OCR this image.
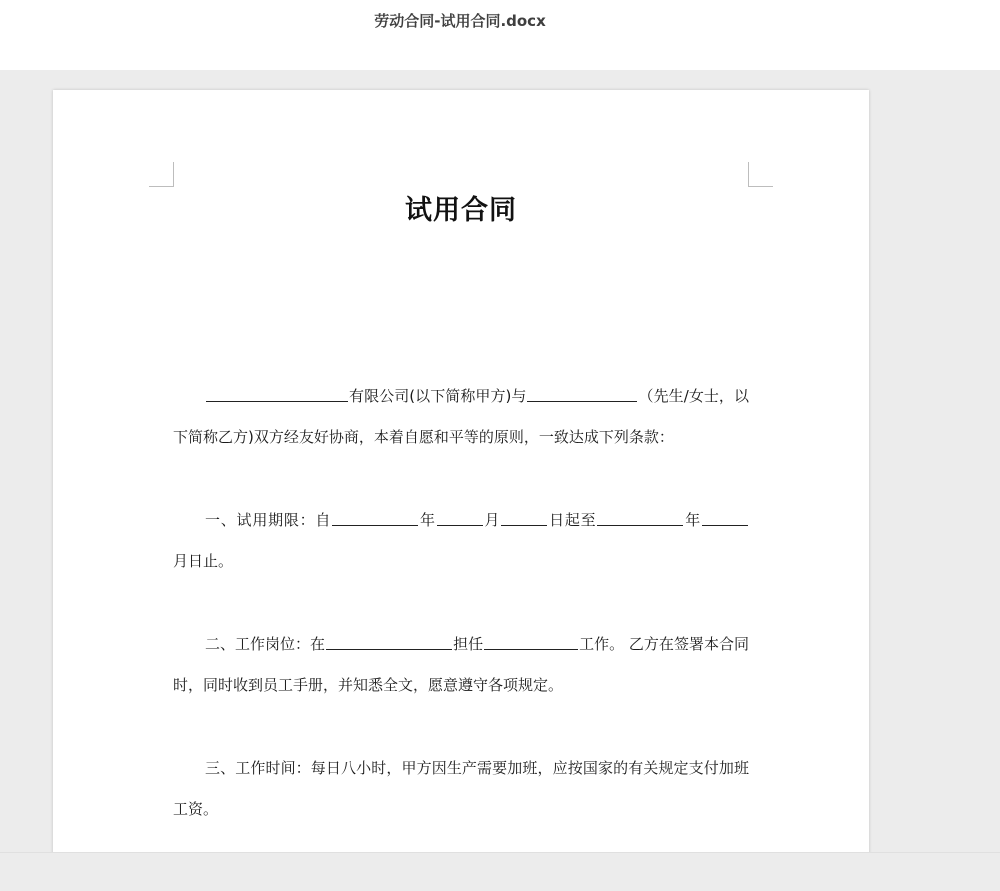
劳动合同-试用合同.docx
试用合同

有限公司(以下简称甲方)与	（先生/女士，以下简称乙方)双方经友好协商，本着自愿和平等的原则，一致达成下列条款：

一、试用期限：自	年	月	日起至	年月日止。

二、工作岗位：在	担任	工作。 乙方在签署本合同时，同时收到员工手册，并知悉全文，愿意遵守各项规定。

三、工作时间：每日八小时，甲方因生产需要加班，应按国家的有关规定支付加班工资。
